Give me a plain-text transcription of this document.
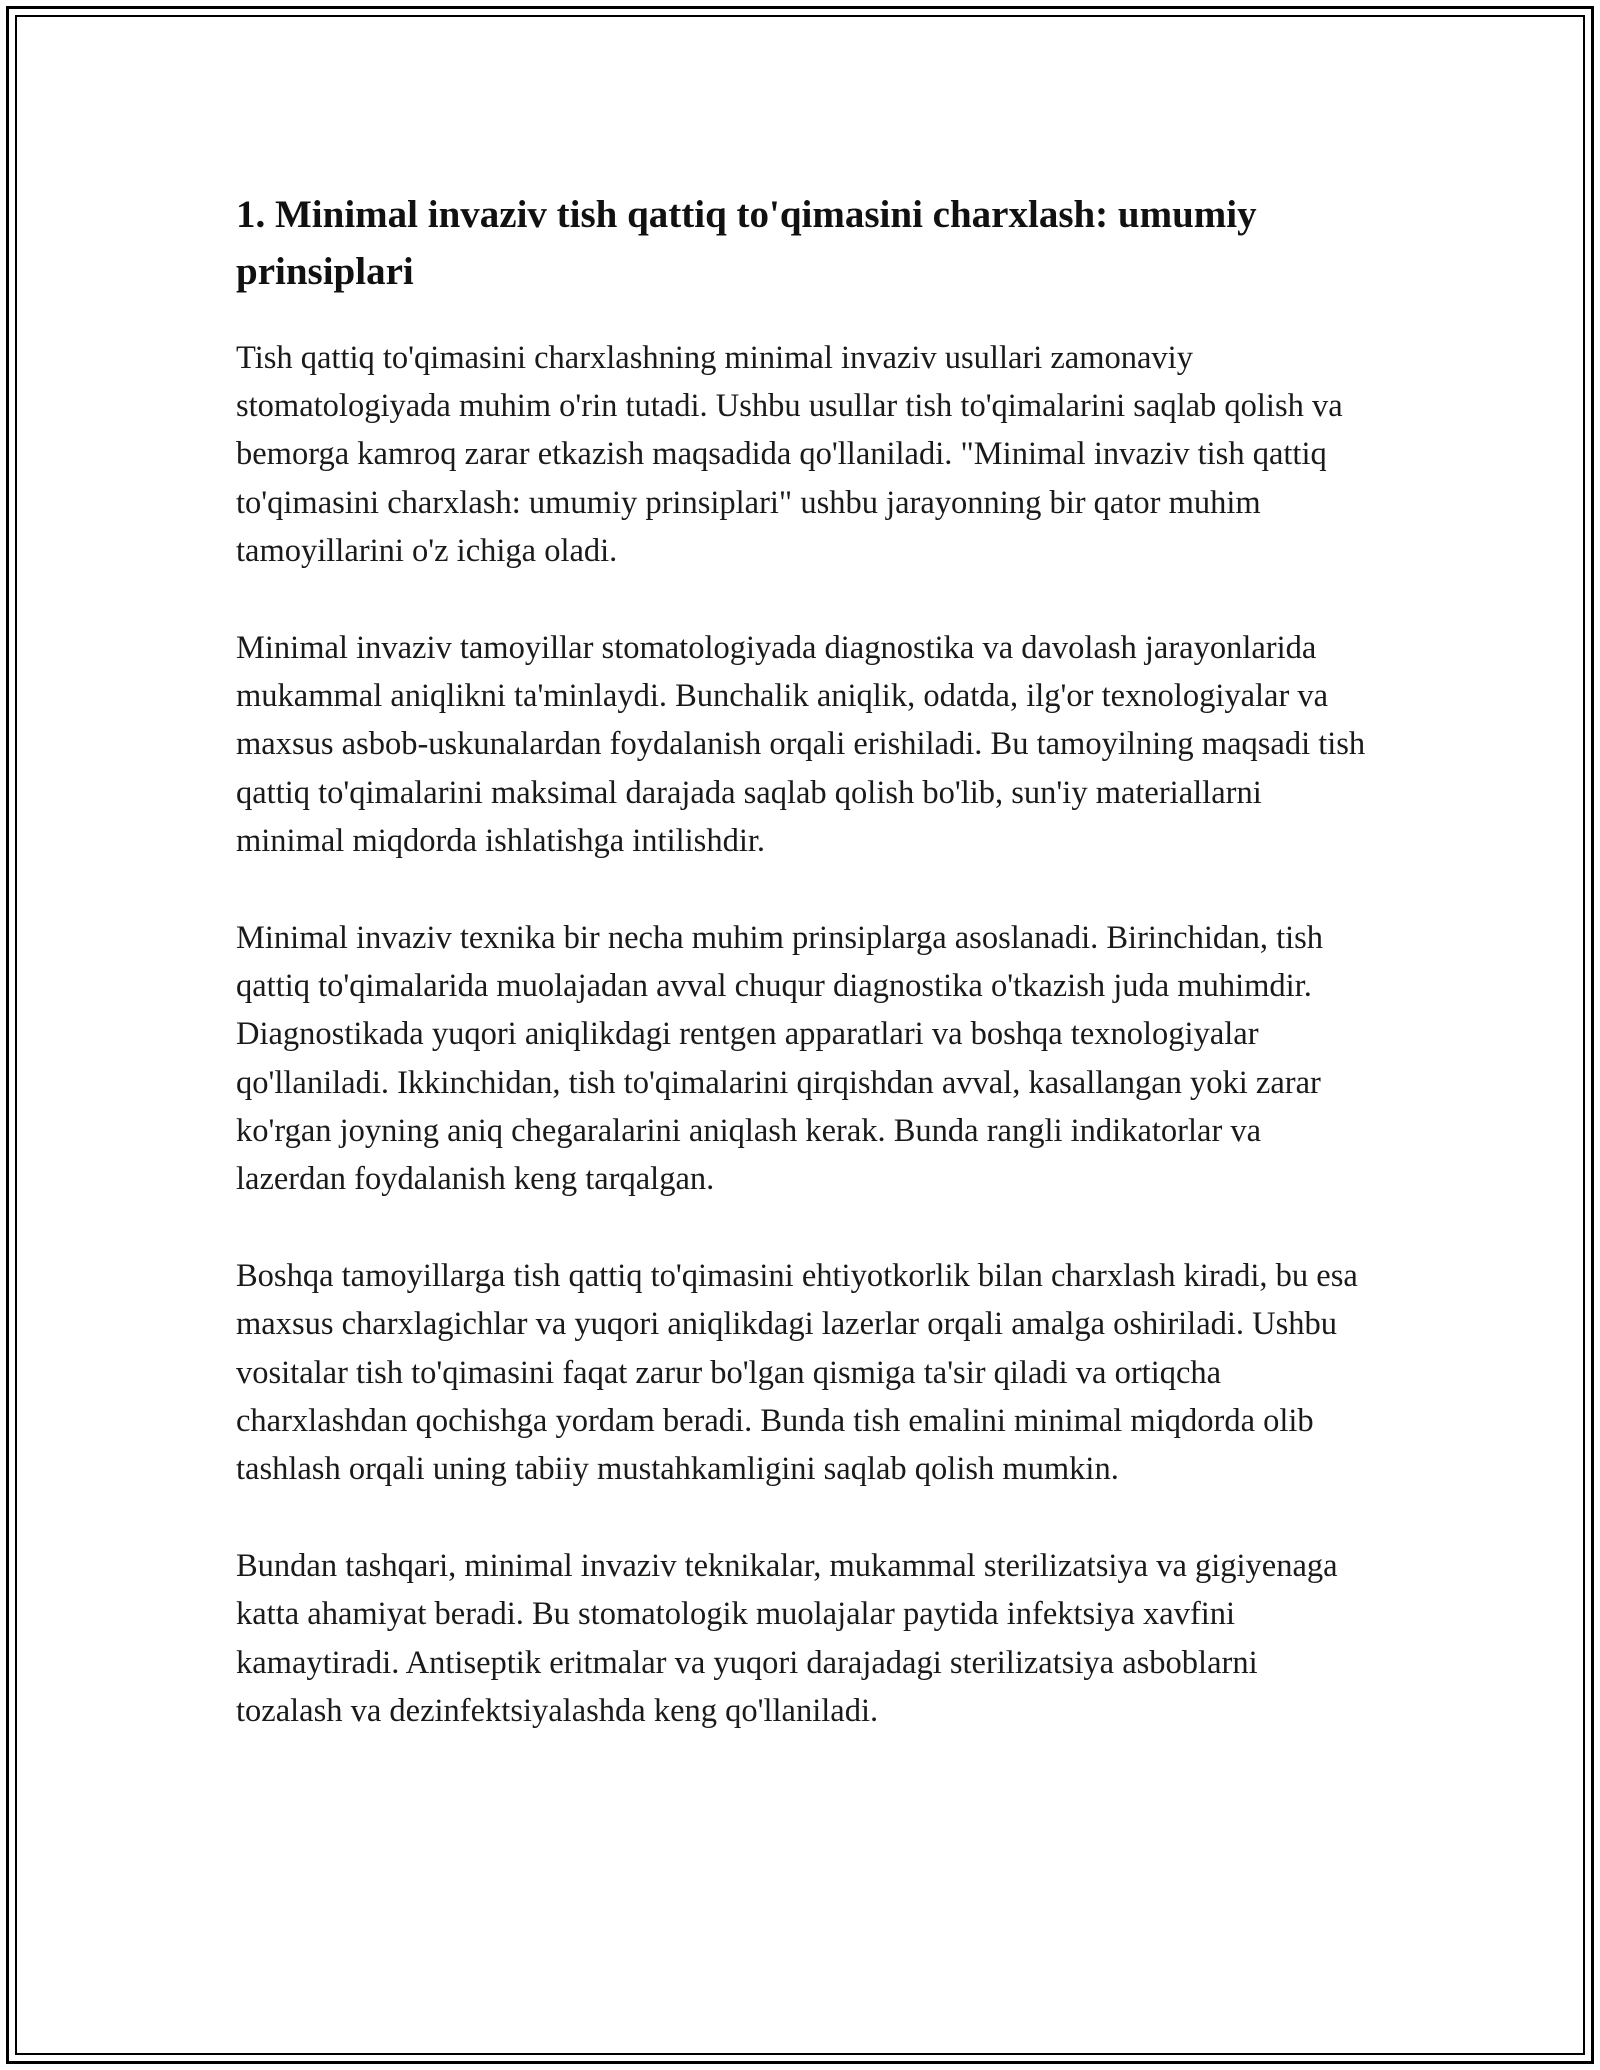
1. Minimal invaziv tish qattiq to'qimasini charxlash: umumiy prinsiplari

Tish qattiq to'qimasini charxlashning minimal invaziv usullari zamonaviy stomatologiyada muhim o'rin tutadi. Ushbu usullar tish to'qimalarini saqlab qolish va bemorga kamroq zarar etkazish maqsadida qo'llaniladi. "Minimal invaziv tish qattiq to'qimasini charxlash: umumiy prinsiplari" ushbu jarayonning bir qator muhim tamoyillarini o'z ichiga oladi.

Minimal invaziv tamoyillar stomatologiyada diagnostika va davolash jarayonlarida mukammal aniqlikni ta'minlaydi. Bunchalik aniqlik, odatda, ilg'or texnologiyalar va maxsus asbob-uskunalardan foydalanish orqali erishiladi. Bu tamoyilning maqsadi tish qattiq to'qimalarini maksimal darajada saqlab qolish bo'lib, sun'iy materiallarni minimal miqdorda ishlatishga intilishdir.

Minimal invaziv texnika bir necha muhim prinsiplarga asoslanadi. Birinchidan, tish qattiq to'qimalarida muolajadan avval chuqur diagnostika o'tkazish juda muhimdir. Diagnostikada yuqori aniqlikdagi rentgen apparatlari va boshqa texnologiyalar qo'llaniladi. Ikkinchidan, tish to'qimalarini qirqishdan avval, kasallangan yoki zarar ko'rgan joyning aniq chegaralarini aniqlash kerak. Bunda rangli indikatorlar va lazerdan foydalanish keng tarqalgan.

Boshqa tamoyillarga tish qattiq to'qimasini ehtiyotkorlik bilan charxlash kiradi, bu esa maxsus charxlagichlar va yuqori aniqlikdagi lazerlar orqali amalga oshiriladi. Ushbu vositalar tish to'qimasini faqat zarur bo'lgan qismiga ta'sir qiladi va ortiqcha charxlashdan qochishga yordam beradi. Bunda tish emalini minimal miqdorda olib tashlash orqali uning tabiiy mustahkamligini saqlab qolish mumkin.

Bundan tashqari, minimal invaziv teknikalar, mukammal sterilizatsiya va gigiyenaga katta ahamiyat beradi. Bu stomatologik muolajalar paytida infektsiya xavfini kamaytiradi. Antiseptik eritmalar va yuqori darajadagi sterilizatsiya asboblarni tozalash va dezinfektsiyalashda keng qo'llaniladi.
